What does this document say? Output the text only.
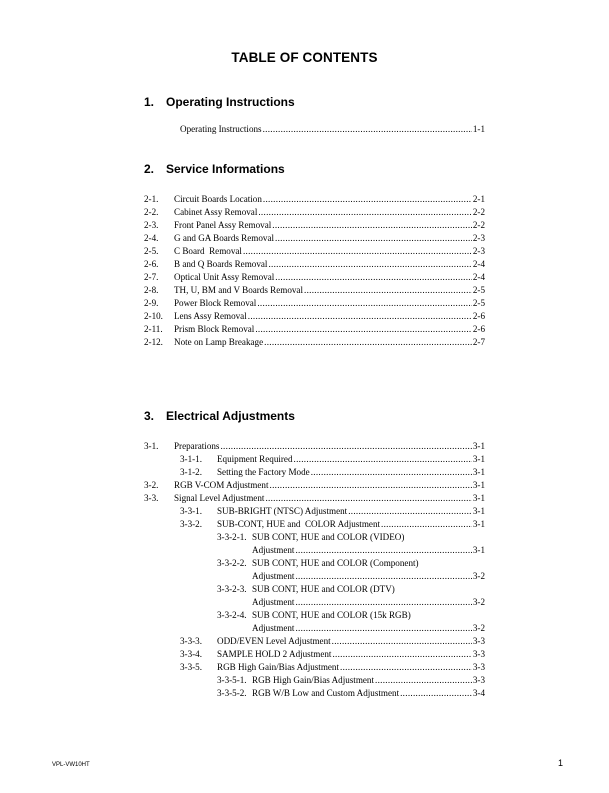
TABLE OF CONTENTS
1. Operating Instructions
Operating Instructions .....	1-1
2. Service Informations
2-1.	Circuit Boards Location .....	2-1
2-2.	Cabinet Assy Removal .....	2-2
2-3.	Front Panel Assy Removal .....	2-2
2-4.	G and GA Boards Removal .....	2-3
2-5.	C Board  Removal .....	2-3
2-6.	B and Q Boards Removal .....	2-4
2-7.	Optical Unit Assy Removal .....	2-4
2-8.	TH, U, BM and V Boards Removal .....	2-5
2-9.	Power Block Removal .....	2-5
2-10.	Lens Assy Removal .....	2-6
2-11.	Prism Block Removal .....	2-6
2-12.	Note on Lamp Breakage .....	2-7
3. Electrical Adjustments
3-1.	Preparations .....	3-1
3-1-1.	Equipment Required .....	3-1
3-1-2.	Setting the Factory Mode .....	3-1
3-2.	RGB V-COM Adjustment .....	3-1
3-3.	Signal Level Adjustment .....	3-1
3-3-1.	SUB-BRIGHT (NTSC) Adjustment .....	3-1
3-3-2.	SUB-CONT, HUE and  COLOR Adjustment .....	3-1
3-3-2-1. SUB CONT, HUE and COLOR (VIDEO)
Adjustment .....	3-1
3-3-2-2. SUB CONT, HUE and COLOR (Component)
Adjustment .....	3-2
3-3-2-3. SUB CONT, HUE and COLOR (DTV)
Adjustment .....	3-2
3-3-2-4. SUB CONT, HUE and COLOR (15k RGB)
Adjustment .....	3-2
3-3-3.	ODD/EVEN Level Adjustment .....	3-3
3-3-4.	SAMPLE HOLD 2 Adjustment .....	3-3
3-3-5.	RGB High Gain/Bias Adjustment .....	3-3
3-3-5-1. RGB High Gain/Bias Adjustment .....	3-3
3-3-5-2. RGB W/B Low and Custom Adjustment .....	3-4
VPL-VW10HT	1
